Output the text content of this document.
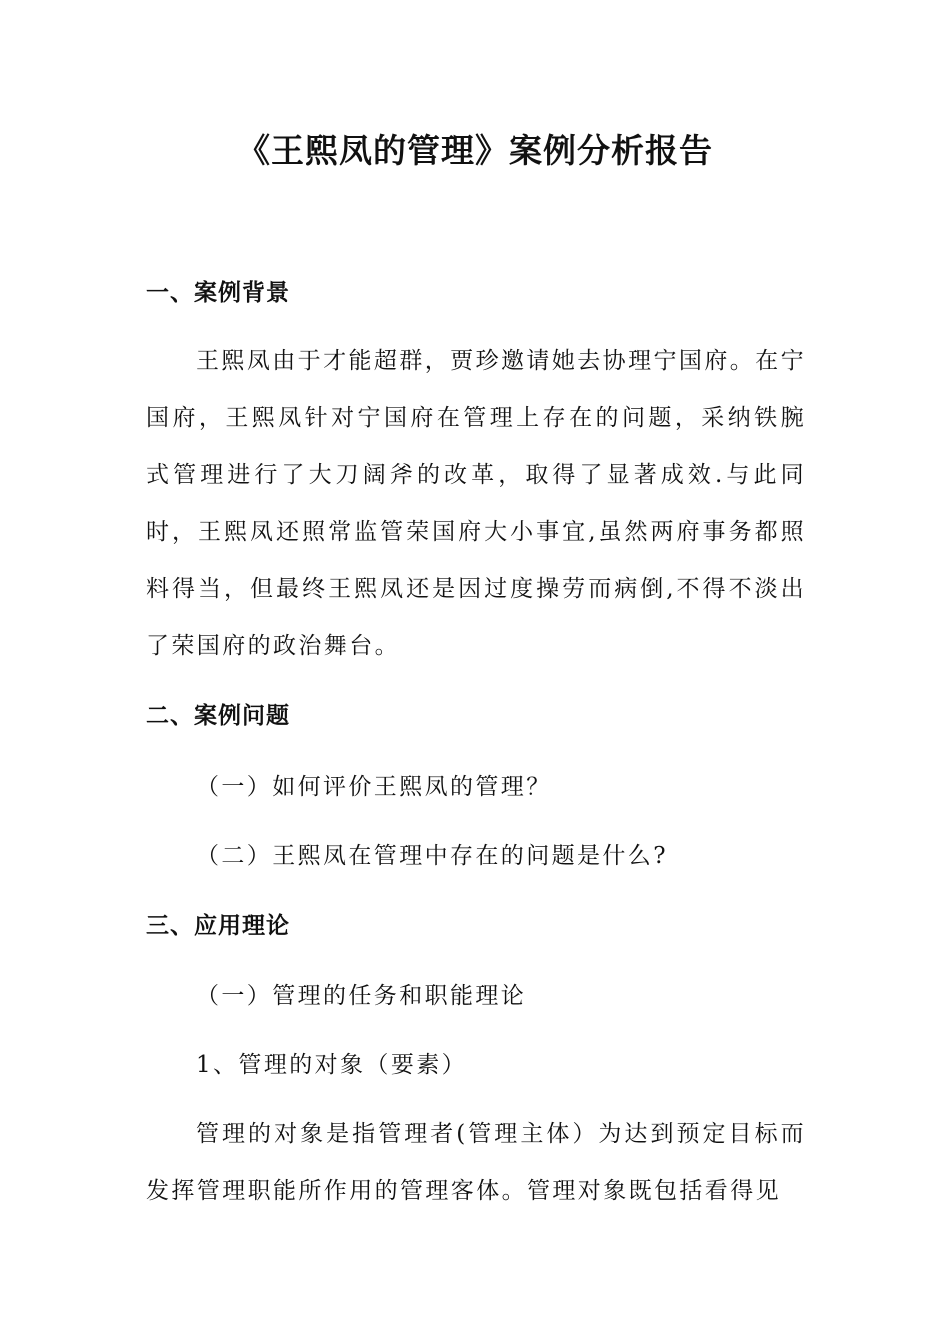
《王熙凤的管理》案例分析报告
一、案例背景

王熙凤由于才能超群，贾珍邀请她去协理宁国府。在宁国府，王熙凤针对宁国府在管理上存在的问题，采纳铁腕式管理进行了大刀阔斧的改革，取得了显著成效.与此同时，王熙凤还照常监管荣国府大小事宜,虽然两府事务都照料得当，但最终王熙凤还是因过度操劳而病倒,不得不淡出了荣国府的政治舞台。

二、案例问题
（一）如何评价王熙凤的管理？
（二）王熙凤在管理中存在的问题是什么?
三、应用理论
（一）管理的任务和职能理论
1、管理的对象（要素）

管理的对象是指管理者(管理主体）为达到预定目标而发挥管理职能所作用的管理客体。管理对象既包括看得见
